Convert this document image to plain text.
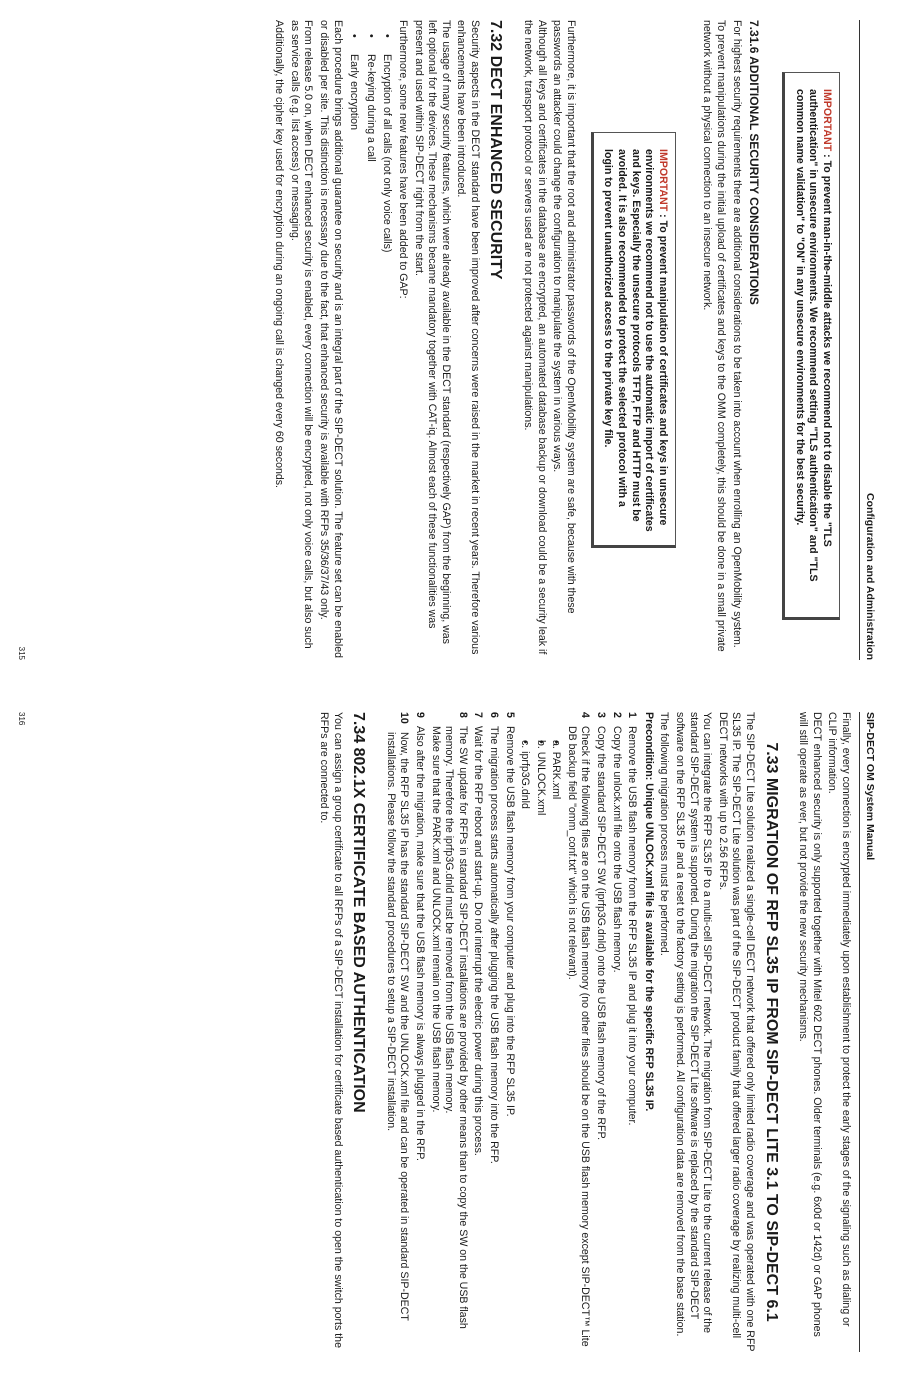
Configuration and Administration
IMPORTANT : To prevent man-in-the-middle attacks we recommend not to disable the "TLS authentication" in unsecure environments. We recommend setting "TLS authentication" and "TLS common name validation" to "ON" in any unsecure environments for the best security.
7.31.6 ADDITIONAL SECURITY CONSIDERATIONS

For highest security requirements there are additional considerations to be taken into account when enrolling an OpenMobility system.

To prevent manipulations during the initial upload of certificates and keys to the OMM completely, this should be done in a small private network without a physical connection to an insecure network.

IMPORTANT : To prevent manipulation of certificates and keys in unsecure environments we recommend not to use the automatic import of certificates and keys. Especially the unsecure protocols TFTP, FTP and HTTP must be avoided. It is also recommended to protect the selected protocol with a login to prevent unauthorized access to the private key file.

Furthermore, it is important that the root and administrator passwords of the OpenMobility system are safe, because with these passwords an attacker could change the configuration to manipulate the system in various ways.

Although all keys and certificates in the database are encrypted, an automated database backup or download could be a security leak if the network, transport protocol or servers used are not protected against manipulations.

7.32 DECT ENHANCED SECURITY

Security aspects in the DECT standard have been improved after concerns were raised in the market in recent years. Therefore various enhancements have been introduced.

The usage of many security features, which were already available in the DECT standard (respectively GAP) from the beginning, was left optional for the devices. These mechanisms became mandatory together with CAT-iq. Almost each of these functionalities was present and used within SIP-DECT right from the start.

Furthermore, some new features have been added to GAP:

• Encryption of all calls (not only voice calls)
• Re-keying during a call
• Early encryption

Each procedure brings additional guarantee on security and is an integral part of the SIP-DECT solution. The feature set can be enabled or disabled per site. This distinction is necessary due to the fact, that enhanced security is available with RFPs 35/36/37/43 only.

From release 5.0 on, when DECT enhanced security is enabled, every connection will be encrypted, not only voice calls, but also such as service calls (e.g. list access) or messaging.

Additionally, the cipher key used for encryption during an ongoing call is changed every 60 seconds.

315
SIP-DECT OM System Manual

Finally, every connection is encrypted immediately upon establishment to protect the early stages of the signaling such as dialing or CLIP information.

DECT enhanced security is only supported together with Mitel 602 DECT phones. Older terminals (e.g. 6x0d or 142d) or GAP phones will still operate as ever, but not provide the new security mechanisms.

7.33 MIGRATION OF RFP SL35 IP FROM SIP-DECT LITE 3.1 TO SIP-DECT 6.1

The SIP-DECT Lite solution realized a single-cell DECT network that offered only limited radio coverage and was operated with one RFP SL35 IP. The SIP-DECT Lite solution was part of the SIP-DECT product family that offered larger radio coverage by realizing multi-cell DECT networks with up to 2.56 RFPs.

You can integrate the RFP SL35 IP to a multi-cell SIP-DECT network. The migration from SIP-DECT Lite to the current release of the standard SIP-DECT system is supported. During the migration the SIP-DECT Lite software is replaced by the standard SIP-DECT software on the RFP SL35 IP and a reset to the factory setting is performed. All configuration data are removed from the base station.

The following migration process must be performed.

Precondition: Unique UNLOCK.xml file is available for the specific RFP SL35 IP.
1
Remove the USB flash memory from the RFP SL35 IP and plug it into your computer.
2
Copy the unlock.xml file onto the USB flash memory.
3
Copy the standard SIP-DECT SW (iprfp3G.dnld) onto the USB flash memory of the RFP.
4
Check if the following files are on the USB flash memory (no other files should be on the USB flash memory except SIP-DECT™ Lite DB backup field "omm_conf.txt" which is not relevant).
• a. PARK.xml
• b. UNLOCK.xml
• c. iprfp3G.dnld
5
Remove the USB flash memory from your computer and plug into the RFP SL35 IP.
6
The migration process starts automatically after plugging the USB flash memory into the RFP.
7
Wait for the RFP reboot and start-up. Do not interrupt the electric power during this process.
8
The SW update for RFPs in standard SIP-DECT installations are provided by other means than to copy the SW on the USB flash memory. Therefore the iprfp3G.dnld must be removed from the USB flash memory.
Make sure that the PARK.xml and UNLOCK.xml remain on the USB flash memory.
9
Also after the migration, make sure that the USB flash memory is always plugged in the RFP.
10
Now, the RFP SL35 IP has the standard SIP-DECT SW and the UNLOCK.xml file and can be operated in standard SIP-DECT installations. Please follow the standard procedures to setup a SIP-DECT installation.
7.34 802.1X CERTIFICATE BASED AUTHENTICATION

You can assign a group certificate to all RFPs of a SIP-DECT installation for certificate based authentication to open the switch ports the RFPs are connected to.

316
